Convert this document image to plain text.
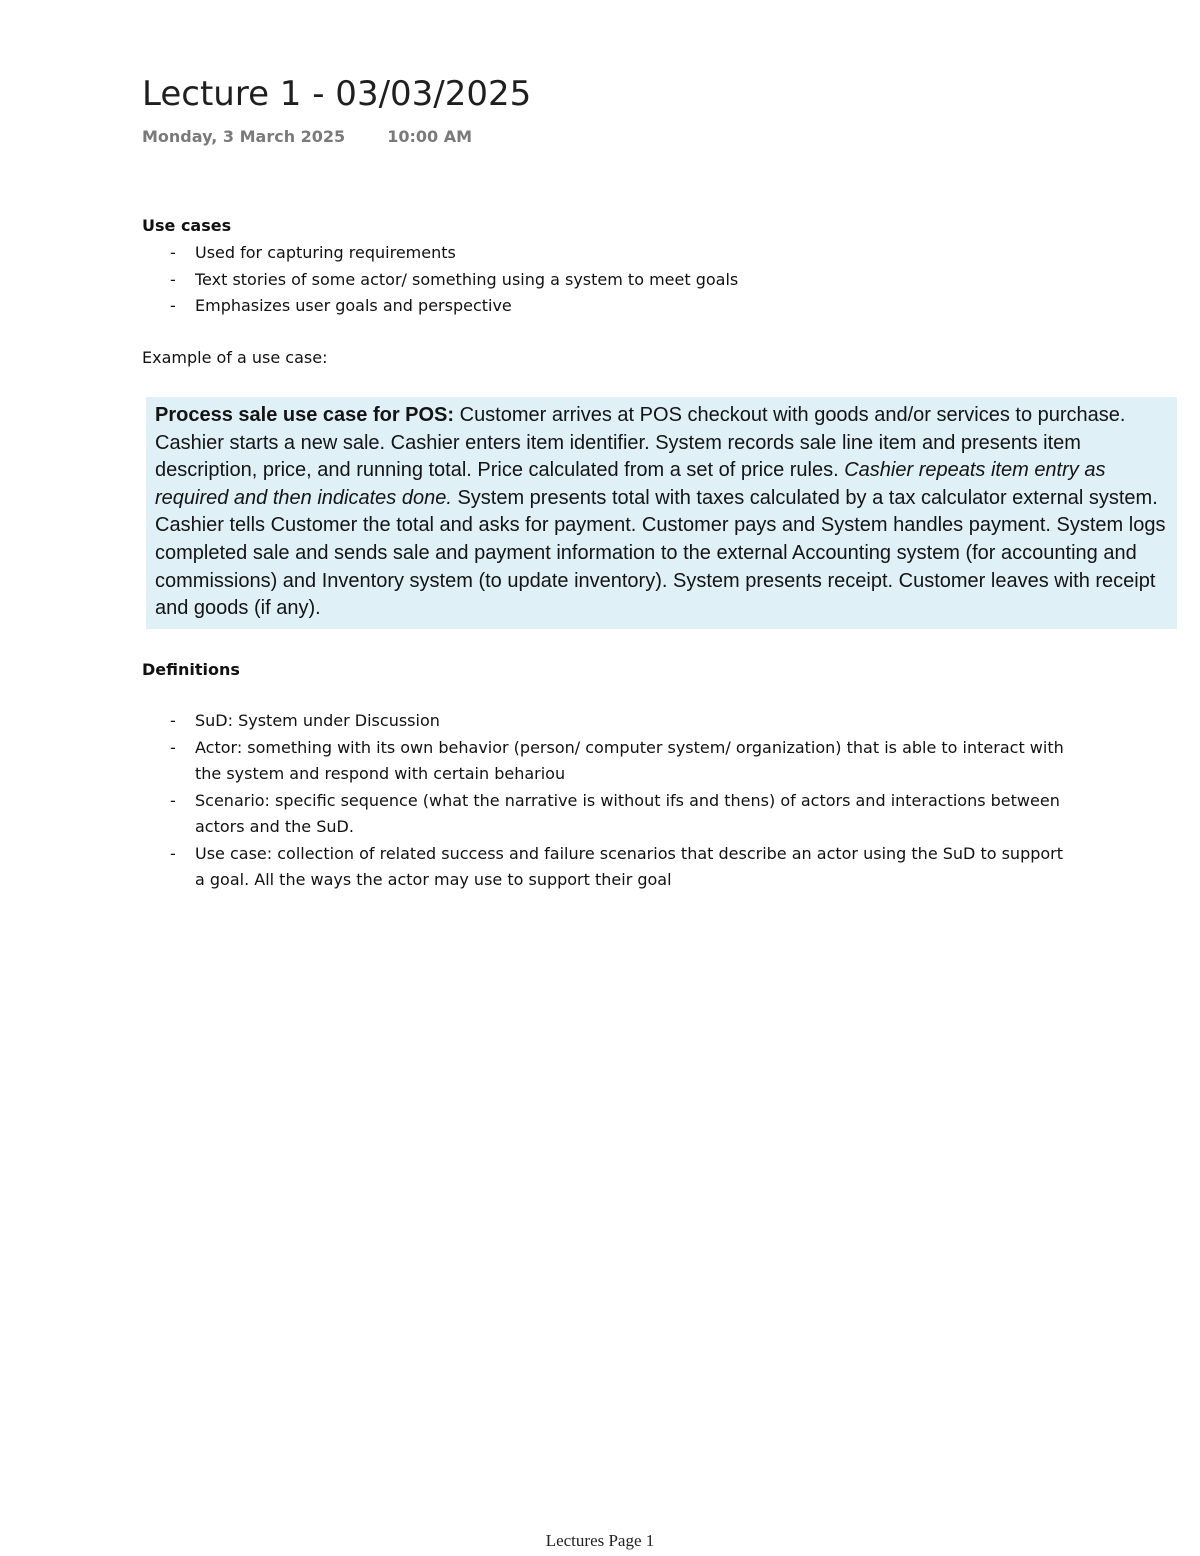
Lecture 1 - 03/03/2025
Monday, 3 March 2025	10:00 AM
Use cases
- Used for capturing requirements
- Text stories of some actor/ something using a system to meet goals
- Emphasizes user goals and perspective
Example of a use case:
Process sale use case for POS: Customer arrives at POS checkout with goods and/or services to purchase. Cashier starts a new sale. Cashier enters item identifier. System records sale line item and presents item description, price, and running total. Price calculated from a set of price rules. Cashier repeats item entry as required and then indicates done. System presents total with taxes calculated by a tax calculator external system. Cashier tells Customer the total and asks for payment. Customer pays and System handles payment. System logs completed sale and sends sale and payment information to the external Accounting system (for accounting and commissions) and Inventory system (to update inventory). System presents receipt. Customer leaves with receipt and goods (if any).
Definitions
- SuD: System under Discussion
- Actor: something with its own behavior (person/ computer system/ organization) that is able to interact with the system and respond with certain behariou
- Scenario: specific sequence (what the narrative is without ifs and thens) of actors and interactions between actors and the SuD.
- Use case: collection of related success and failure scenarios that describe an actor using the SuD to support a goal. All the ways the actor may use to support their goal
Lectures Page 1
